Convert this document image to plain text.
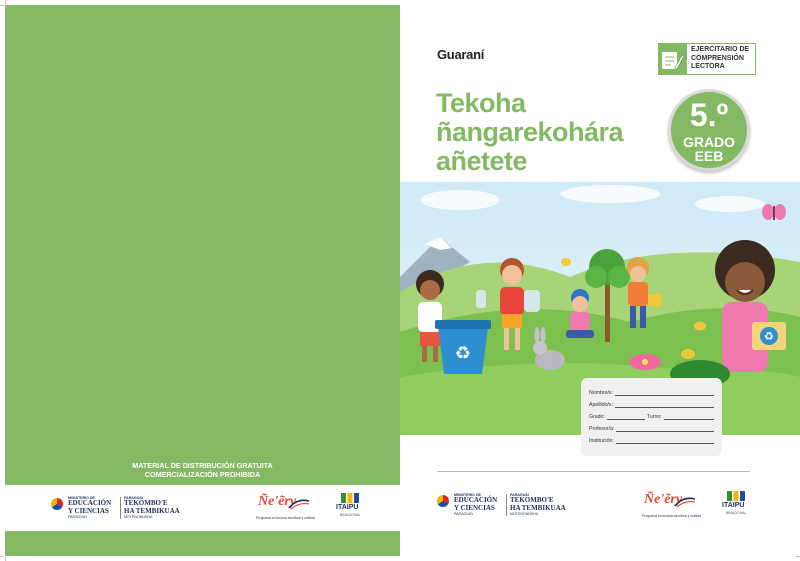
MATERIAL DE DISTRIBUCIÓN GRATUITA
COMERCIALIZACIÓN PROHIBIDA
MINISTERIO DE
EDUCACIÓN
Y CIENCIAS
PARAGUAY
PARAGUÁI
TEKOMBO'E
HA TEMBIKUAA
MOTENONDEHA
Ñe'ẽry
Programa en lectura escritura y calidad
ITAIPU
BINACIONAL
Guaraní	EJERCITARIO DE
COMPRENSIÓN
LECTORA
Tekoha
ñangarekohára
añetete
5.º
GRADO
EEB
♻
♻
Nombre/s:
Apellido/s:
Grado:	Turno:
Profesor/a:
Institución:
MINISTERIO DE
EDUCACIÓN
Y CIENCIAS
PARAGUAY
PARAGUÁI
TEKOMBO'E
HA TEMBIKUAA
MOTENONDEHA
Ñe'ẽry
Programa en lectura escritura y calidad
ITAIPU
BINACIONAL
